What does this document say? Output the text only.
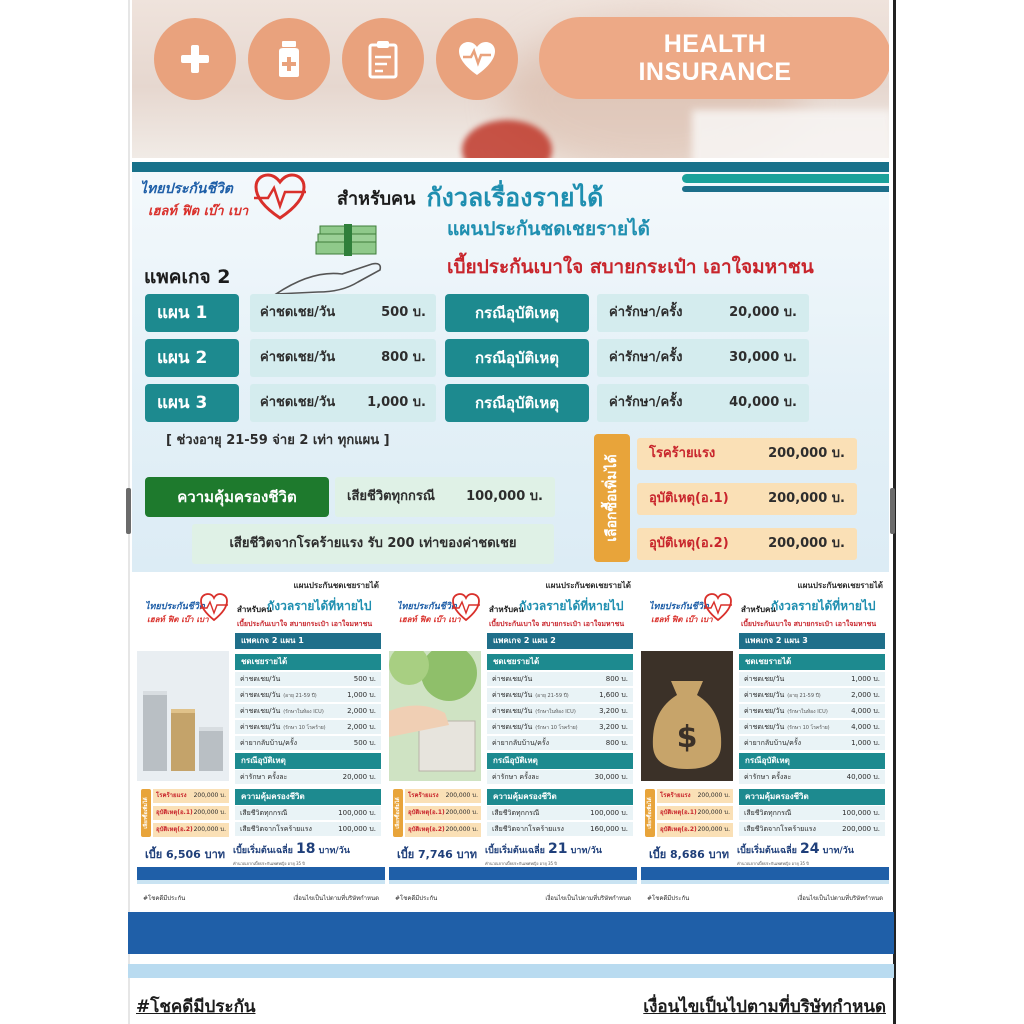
HEALTH
INSURANCE
ไทยประกันชีวิต
เฮลท์ ฟิต เบ๊า เบา
สำหรับคน กังวลเรื่องรายได้
แผนประกันชดเชยรายได้
เบี้ยประกันเบาใจ สบายกระเป๋า เอาใจมหาชน
แพคเกจ 2
แผน 1	ค่าชดเชย/วัน	500 บ.	กรณีอุบัติเหตุ	ค่ารักษา/ครั้ง	20,000 บ.
แผน 2	ค่าชดเชย/วัน	800 บ.	กรณีอุบัติเหตุ	ค่ารักษา/ครั้ง	30,000 บ.
แผน 3	ค่าชดเชย/วัน 1,000 บ.	กรณีอุบัติเหตุ	ค่ารักษา/ครั้ง	40,000 บ.
[ ช่วงอายุ 21-59 จ่าย 2 เท่า ทุกแผน ]
ความคุ้มครองชีวิต	เสียชีวิตทุกกรณี 100,000 บ.
เสียชีวิตจากโรคร้ายแรง รับ 200 เท่าของค่าชดเชย
เลือกซื้อเพิ่มได้
โรคร้ายแรง	200,000 บ.
อุบัติเหตุ(อ.1)	200,000 บ.
อุบัติเหตุ(อ.2)	200,000 บ.
แผนประกันชดเชยรายได้
ไทยประกันชีวิต
เฮลท์ ฟิต เบ๊า เบา
สำหรับคน
กังวลรายได้ที่หายไป
เบี้ยประกันเบาใจ สบายกระเป๋า เอาใจมหาชน
แพคเกจ 2 แผน 1
ชดเชยรายได้
ค่าชดเชย/วัน	500 บ.
ค่าชดเชย/วัน (อายุ 21-59 ปี)	1,000 บ.
ค่าชดเชย/วัน (รักษาในห้อง ICU)	2,000 บ.
ค่าชดเชย/วัน (รักษา 10 โรคร้าย)	2,000 บ.
ค่ายากลับบ้าน/ครั้ง	500 บ.
กรณีอุบัติเหตุ
ค่ารักษา ครั้งละ	20,000 บ.
เลือกซื้อเพิ่มได้
โรคร้ายแรง 200,000 บ.
อุบัติเหตุ(อ.1) 200,000 บ.
อุบัติเหตุ(อ.2) 200,000 บ.
ความคุ้มครองชีวิต
เสียชีวิตทุกกรณี	100,000 บ.
เสียชีวิตจากโรคร้ายแรง	100,000 บ.
เบี้ย 6,506 บาท เบี้ยเริ่มต้นเฉลี่ย 18 บาท/วัน
คำนวณจากเบี้ยประกันเพศหญิง อายุ 35 ปี
#โชคดีมีประกัน	เงื่อนไขเป็นไปตามที่บริษัทกำหนด
แผนประกันชดเชยรายได้
ไทยประกันชีวิต
เฮลท์ ฟิต เบ๊า เบา
สำหรับคน
กังวลรายได้ที่หายไป
เบี้ยประกันเบาใจ สบายกระเป๋า เอาใจมหาชน
แพคเกจ 2 แผน 2
ชดเชยรายได้
ค่าชดเชย/วัน	800 บ.
ค่าชดเชย/วัน (อายุ 21-59 ปี)	1,600 บ.
ค่าชดเชย/วัน (รักษาในห้อง ICU)	3,200 บ.
ค่าชดเชย/วัน (รักษา 10 โรคร้าย)	3,200 บ.
ค่ายากลับบ้าน/ครั้ง	800 บ.
กรณีอุบัติเหตุ
ค่ารักษา ครั้งละ	30,000 บ.
เลือกซื้อเพิ่มได้
โรคร้ายแรง 200,000 บ.
อุบัติเหตุ(อ.1) 200,000 บ.
อุบัติเหตุ(อ.2) 200,000 บ.
ความคุ้มครองชีวิต
เสียชีวิตทุกกรณี	100,000 บ.
เสียชีวิตจากโรคร้ายแรง	160,000 บ.
เบี้ย 7,746 บาท เบี้ยเริ่มต้นเฉลี่ย 21 บาท/วัน
คำนวณจากเบี้ยประกันเพศหญิง อายุ 35 ปี
#โชคดีมีประกัน	เงื่อนไขเป็นไปตามที่บริษัทกำหนด
แผนประกันชดเชยรายได้
ไทยประกันชีวิต
เฮลท์ ฟิต เบ๊า เบา
สำหรับคน
กังวลรายได้ที่หายไป
เบี้ยประกันเบาใจ สบายกระเป๋า เอาใจมหาชน
$
แพคเกจ 2 แผน 3
ชดเชยรายได้
ค่าชดเชย/วัน	1,000 บ.
ค่าชดเชย/วัน (อายุ 21-59 ปี)	2,000 บ.
ค่าชดเชย/วัน (รักษาในห้อง ICU)	4,000 บ.
ค่าชดเชย/วัน (รักษา 10 โรคร้าย)	4,000 บ.
ค่ายากลับบ้าน/ครั้ง	1,000 บ.
กรณีอุบัติเหตุ
ค่ารักษา ครั้งละ	40,000 บ.
เลือกซื้อเพิ่มได้
โรคร้ายแรง 200,000 บ.
อุบัติเหตุ(อ.1) 200,000 บ.
อุบัติเหตุ(อ.2) 200,000 บ.
ความคุ้มครองชีวิต
เสียชีวิตทุกกรณี	100,000 บ.
เสียชีวิตจากโรคร้ายแรง	200,000 บ.
เบี้ย 8,686 บาท เบี้ยเริ่มต้นเฉลี่ย 24 บาท/วัน
คำนวณจากเบี้ยประกันเพศหญิง อายุ 35 ปี
#โชคดีมีประกัน	เงื่อนไขเป็นไปตามที่บริษัทกำหนด
#โชคดีมีประกัน	เงื่อนไขเป็นไปตามที่บริษัทกำหนด
